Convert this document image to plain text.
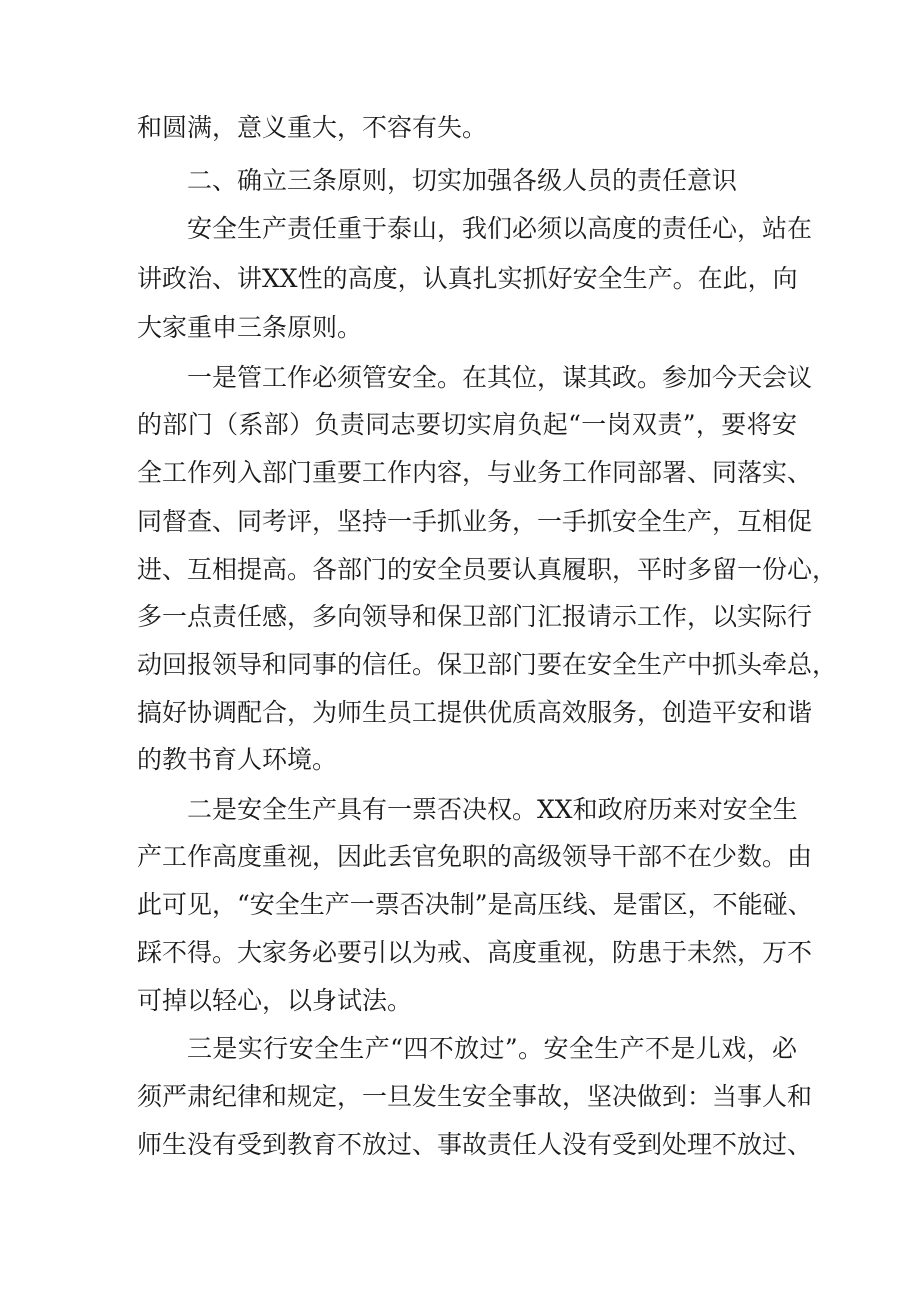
和圆满，意义重大，不容有失。
二、确立三条原则，切实加强各级人员的责任意识
安全生产责任重于泰山，我们必须以高度的责任心，站在
讲政治、讲XX性的高度，认真扎实抓好安全生产。在此，向
大家重申三条原则。
一是管工作必须管安全。在其位，谋其政。参加今天会议
的部门（系部）负责同志要切实肩负起“一岗双责”，要将安
全工作列入部门重要工作内容，与业务工作同部署、同落实、
同督查、同考评，坚持一手抓业务，一手抓安全生产，互相促
进、互相提高。各部门的安全员要认真履职，平时多留一份心，
多一点责任感，多向领导和保卫部门汇报请示工作，以实际行
动回报领导和同事的信任。保卫部门要在安全生产中抓头牵总，
搞好协调配合，为师生员工提供优质高效服务，创造平安和谐
的教书育人环境。
二是安全生产具有一票否决权。XX和政府历来对安全生
产工作高度重视，因此丢官免职的高级领导干部不在少数。由
此可见，“安全生产一票否决制”是高压线、是雷区，不能碰、
踩不得。大家务必要引以为戒、高度重视，防患于未然，万不
可掉以轻心，以身试法。
三是实行安全生产“四不放过”。安全生产不是儿戏，必
须严肃纪律和规定，一旦发生安全事故，坚决做到：当事人和
师生没有受到教育不放过、事故责任人没有受到处理不放过、
